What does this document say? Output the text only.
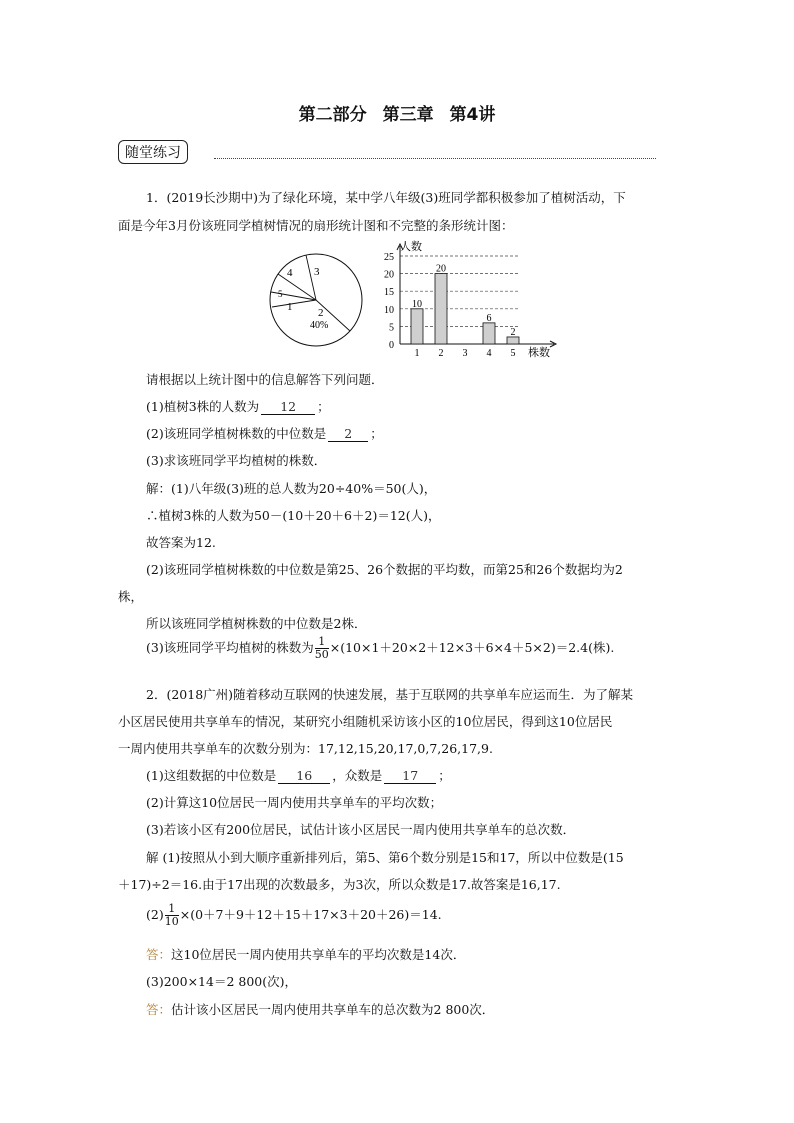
第二部分 第三章 第4讲
随堂练习
1．(2019长沙期中)为了绿化环境，某中学八年级(3)班同学都积极参加了植树活动，下
面是今年3月份该班同学植树情况的扇形统计图和不完整的条形统计图：
3
4
5
1 2
40%
人数
株数
0
5
10
15
20
25
1
10
2
20
3 4
6
5
2
请根据以上统计图中的信息解答下列问题．
(1)植树3株的人数为 12 ；
(2)该班同学植树株数的中位数是 2 ；
(3)求该班同学平均植树的株数．
解：(1)八年级(3)班的总人数为20÷40%＝50(人)，
∴植树3株的人数为50－(10＋20＋6＋2)＝12(人)，
故答案为12.
(2)该班同学植树株数的中位数是第25、26个数据的平均数，而第25和26个数据均为2
株，
所以该班同学植树株数的中位数是2株．
(3)该班同学平均植树的株数为 $\frac{1}{50} \times(10\times 1+20\times 2+12\times 3+6\times 4+5\times 2)=2.4$(株).
2．(2018广州)随着移动互联网的快速发展，基于互联网的共享单车应运而生．为了解某
小区居民使用共享单车的情况，某研究小组随机采访该小区的10位居民，得到这10位居民
一周内使用共享单车的次数分别为：17,12,15,20,17,0,7,26,17,9.
(1)这组数据的中位数是 16 ，众数是 17 ；
(2)计算这10位居民一周内使用共享单车的平均次数；
(3)若该小区有200位居民，试估计该小区居民一周内使用共享单车的总次数．
解 (1)按照从小到大顺序重新排列后，第5、第6个数分别是15和17，所以中位数是(15
＋17)÷2＝16.由于17出现的次数最多，为3次，所以众数是17.故答案是16,17.
$(2) \frac{1}{10} \times(0+7+9+12+15+17\times 3+20+26)=14$.
答：这10位居民一周内使用共享单车的平均次数是14次．
(3)200×14＝2 800(次)，
答：估计该小区居民一周内使用共享单车的总次数为2 800次．
